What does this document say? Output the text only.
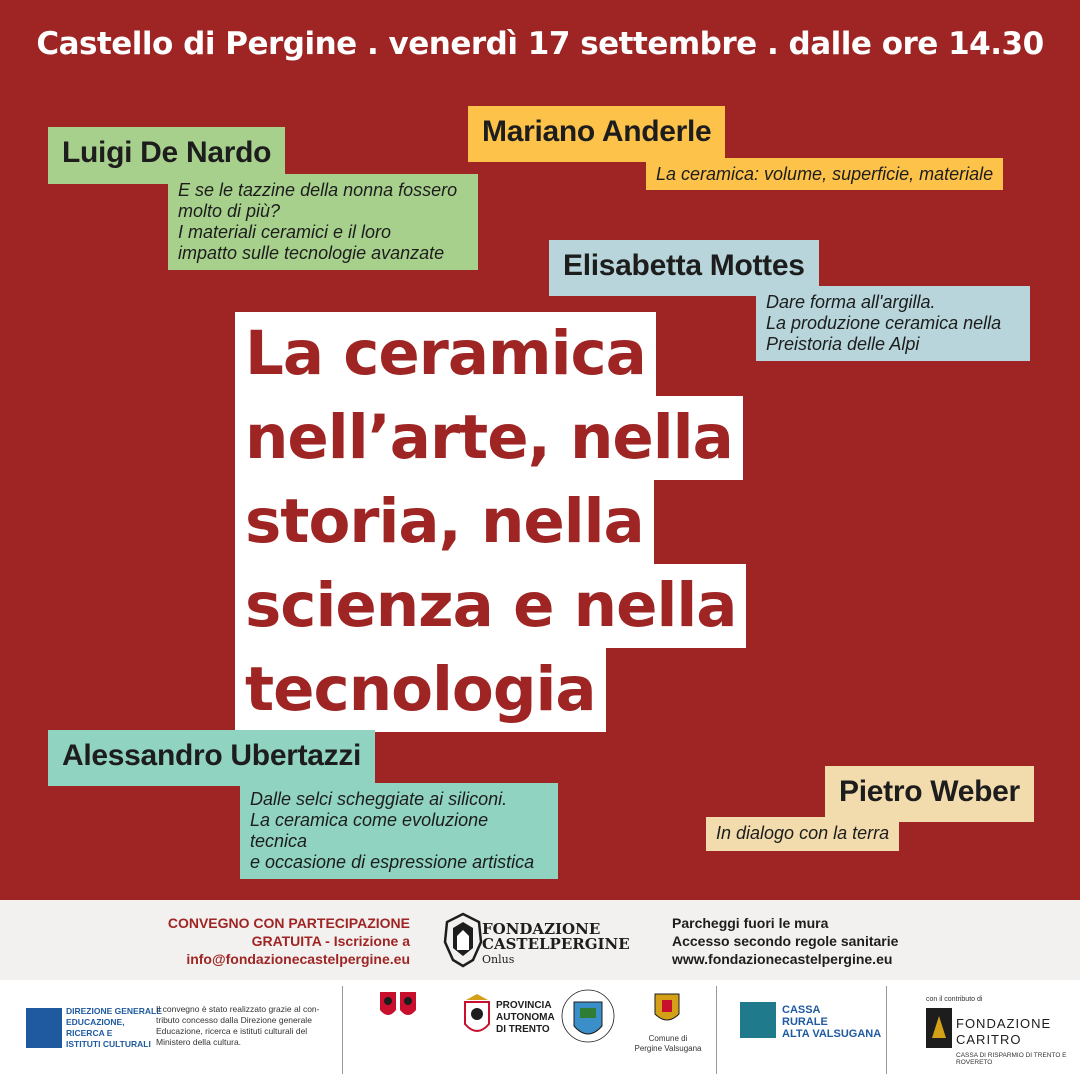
Castello di Pergine . venerdì 17 settembre . dalle ore 14.30
Luigi De Nardo
E se le tazzine della nonna fossero
molto di più?
I materiali ceramici e il loro
impatto sulle tecnologie avanzate
Mariano Anderle
La ceramica: volume, superficie, materiale
Elisabetta Mottes
Dare forma all'argilla.
La produzione ceramica nella
Preistoria delle Alpi
La ceramica
nell’arte, nella
storia, nella
scienza e nella
tecnologia
Alessandro Ubertazzi
Dalle selci scheggiate ai siliconi.
La ceramica come evoluzione tecnica
e occasione di espressione artistica
Pietro Weber
In dialogo con la terra
CONVEGNO CON PARTECIPAZIONE
GRATUITA - Iscrizione a
info@fondazionecastelpergine.eu
FONDAZIONE
CASTELPERGINE
Onlus
Parcheggi fuori le mura
Accesso secondo regole sanitarie
www.fondazionecastelpergine.eu
DIREZIONE GENERALE
EDUCAZIONE,
RICERCA E
ISTITUTI CULTURALI
Il convegno è stato realizzato grazie al con-
tributo concesso dalla Direzione generale
Educazione, ricerca e istituti culturali del
Ministero della cultura.
PROVINCIA
AUTONOMA
DI TRENTO
Comune di
Pergine Valsugana
CASSA
RURALE
ALTA VALSUGANA
con il contributo di
FONDAZIONE CARITRO
CASSA DI RISPARMIO DI TRENTO E ROVERETO
